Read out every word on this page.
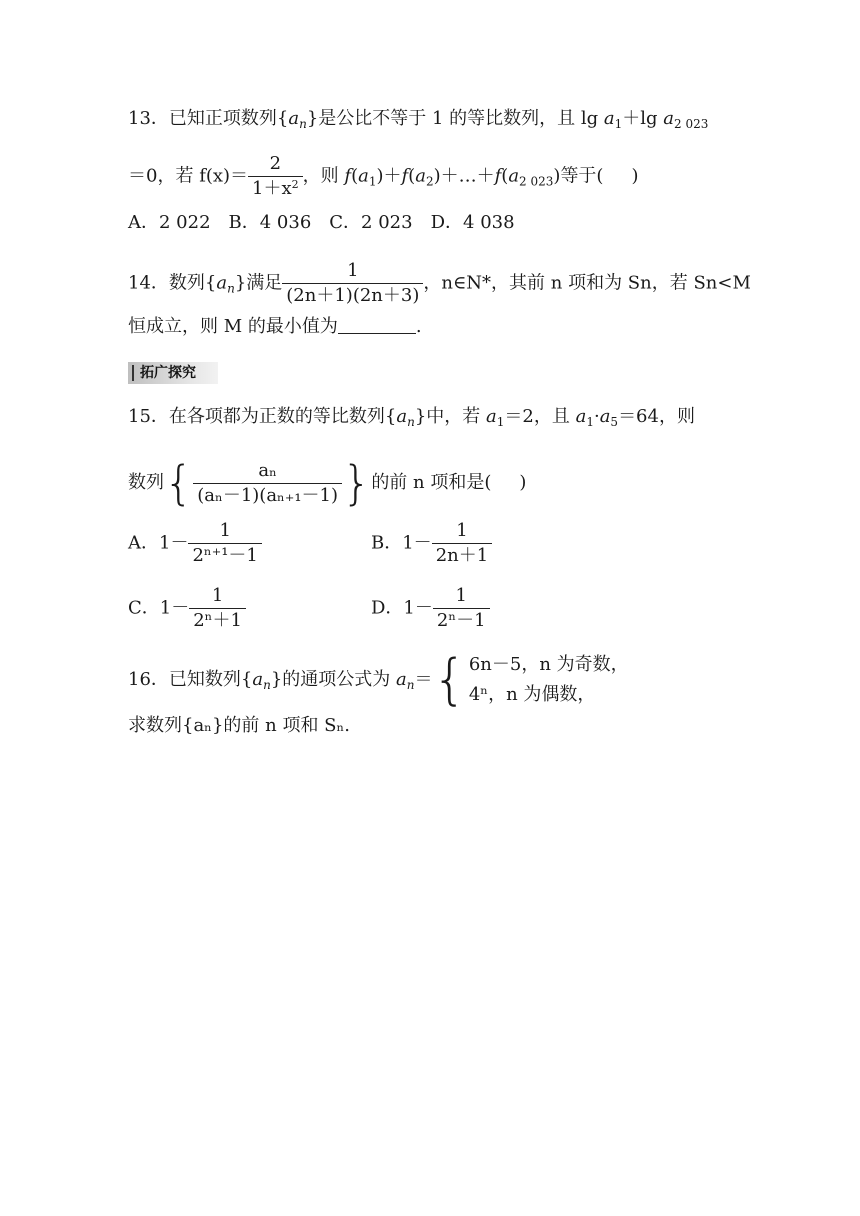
13．已知正项数列$\{a_n\}$是公比不等于 1 的等比数列，且 $\lg a_1+\lg$ $a_{2 023}$
＝0，若 $f(x)= \frac{2}{1+x^2}$ ，则 $f(a_1)+f(a_2)+\dots+f(a_{2 023})$等于( )
A．2 022　B．4 036　C．2 023　D．4 038
14．数列$\{a_n\}$满足 $\frac{1}{(2n+1)(2n+3)}$ ，n∈N*，其前 n 项和为 Sn，若 Sn<M
恒成立，则 M 的最小值为	.
拓广探究
15．在各项都为正数的等比数列$\{a_n\}$中，若 $a_1=2$，且 $a_1\cdot a_5=64$，则
数列{ $\frac{\text{aₙ}}{\text{(aₙ－1)(aₙ₊₁－1)}}$ }的前 n 项和是( )
A．$1- \frac{1}{\text{2ⁿ⁺¹－1}}$	B．$1- \frac{1}{2n+1}$
C．$1- \frac{1}{\text{2ⁿ＋1}}$	D．$1- \frac{1}{\text{2ⁿ－1}}$
16．已知数列$\{a_n\}$的通项公式为 $a_n=${ 6n－5，n 为奇数，
4ⁿ，n 为偶数，
求数列{aₙ}的前 n 项和 Sₙ.
